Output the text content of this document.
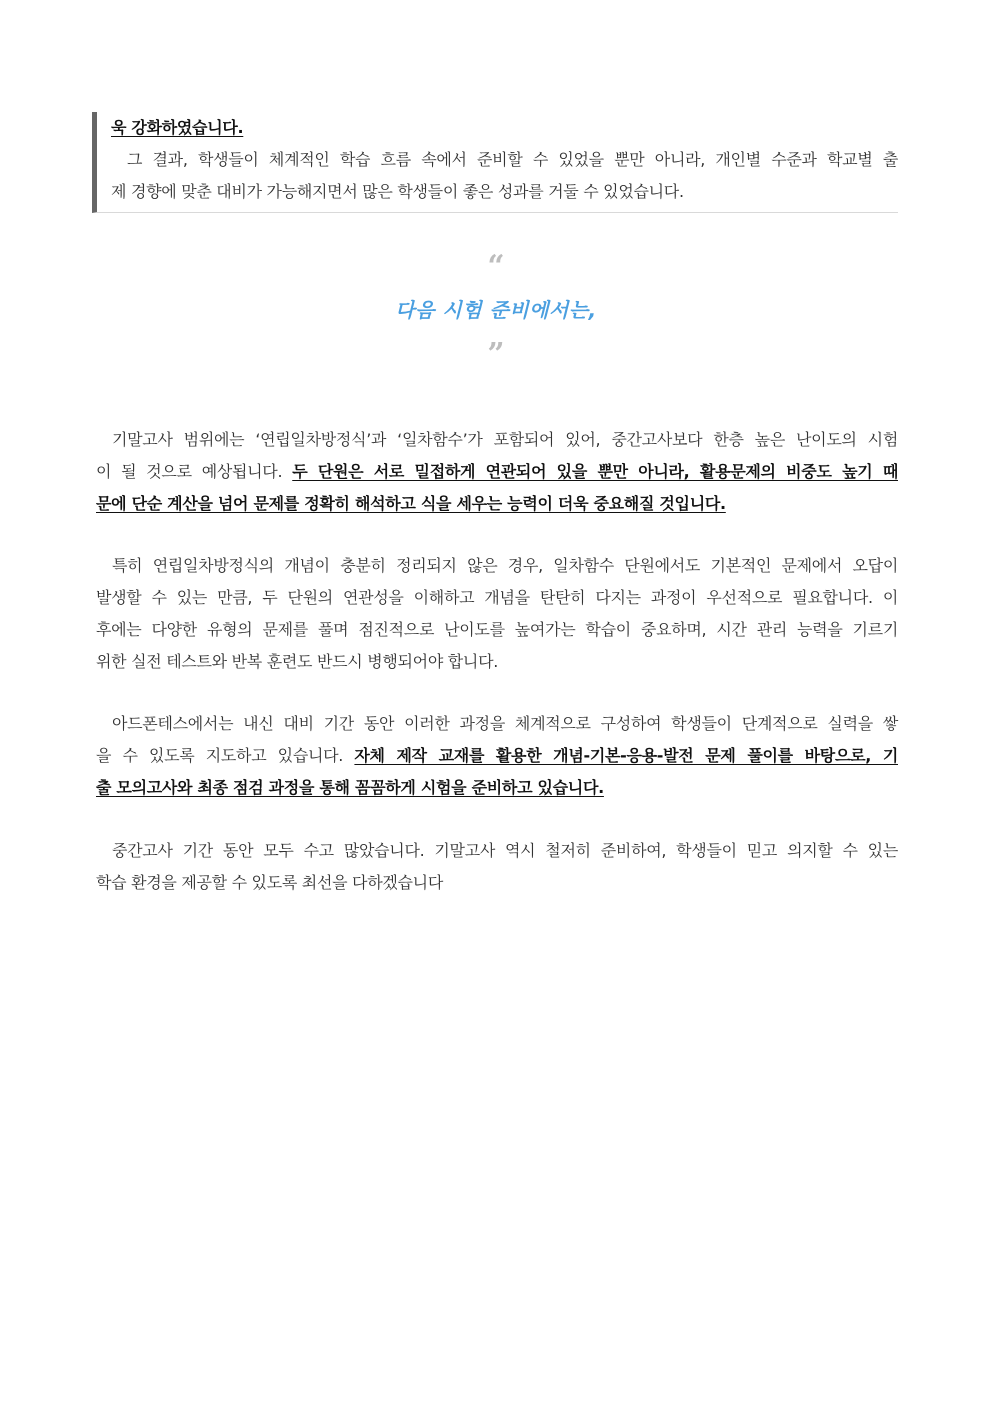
욱 강화하였습니다.
그 결과, 학생들이 체계적인 학습 흐름 속에서 준비할 수 있었을 뿐만 아니라, 개인별 수준과 학교별 출
제 경향에 맞춘 대비가 가능해지면서 많은 학생들이 좋은 성과를 거둘 수 있었습니다.
“
다음 시험 준비에서는,
”
기말고사 범위에는 ‘연립일차방정식’과 ‘일차함수’가 포함되어 있어, 중간고사보다 한층 높은 난이도의 시험
이 될 것으로 예상됩니다. 두 단원은 서로 밀접하게 연관되어 있을 뿐만 아니라, 활용문제의 비중도 높기 때
문에 단순 계산을 넘어 문제를 정확히 해석하고 식을 세우는 능력이 더욱 중요해질 것입니다.
특히 연립일차방정식의 개념이 충분히 정리되지 않은 경우, 일차함수 단원에서도 기본적인 문제에서 오답이
발생할 수 있는 만큼, 두 단원의 연관성을 이해하고 개념을 탄탄히 다지는 과정이 우선적으로 필요합니다. 이
후에는 다양한 유형의 문제를 풀며 점진적으로 난이도를 높여가는 학습이 중요하며, 시간 관리 능력을 기르기
위한 실전 테스트와 반복 훈련도 반드시 병행되어야 합니다.
아드폰테스에서는 내신 대비 기간 동안 이러한 과정을 체계적으로 구성하여 학생들이 단계적으로 실력을 쌓
을 수 있도록 지도하고 있습니다. 자체 제작 교재를 활용한 개념-기본-응용-발전 문제 풀이를 바탕으로, 기
출 모의고사와 최종 점검 과정을 통해 꼼꼼하게 시험을 준비하고 있습니다.
중간고사 기간 동안 모두 수고 많았습니다. 기말고사 역시 철저히 준비하여, 학생들이 믿고 의지할 수 있는
학습 환경을 제공할 수 있도록 최선을 다하겠습니다
